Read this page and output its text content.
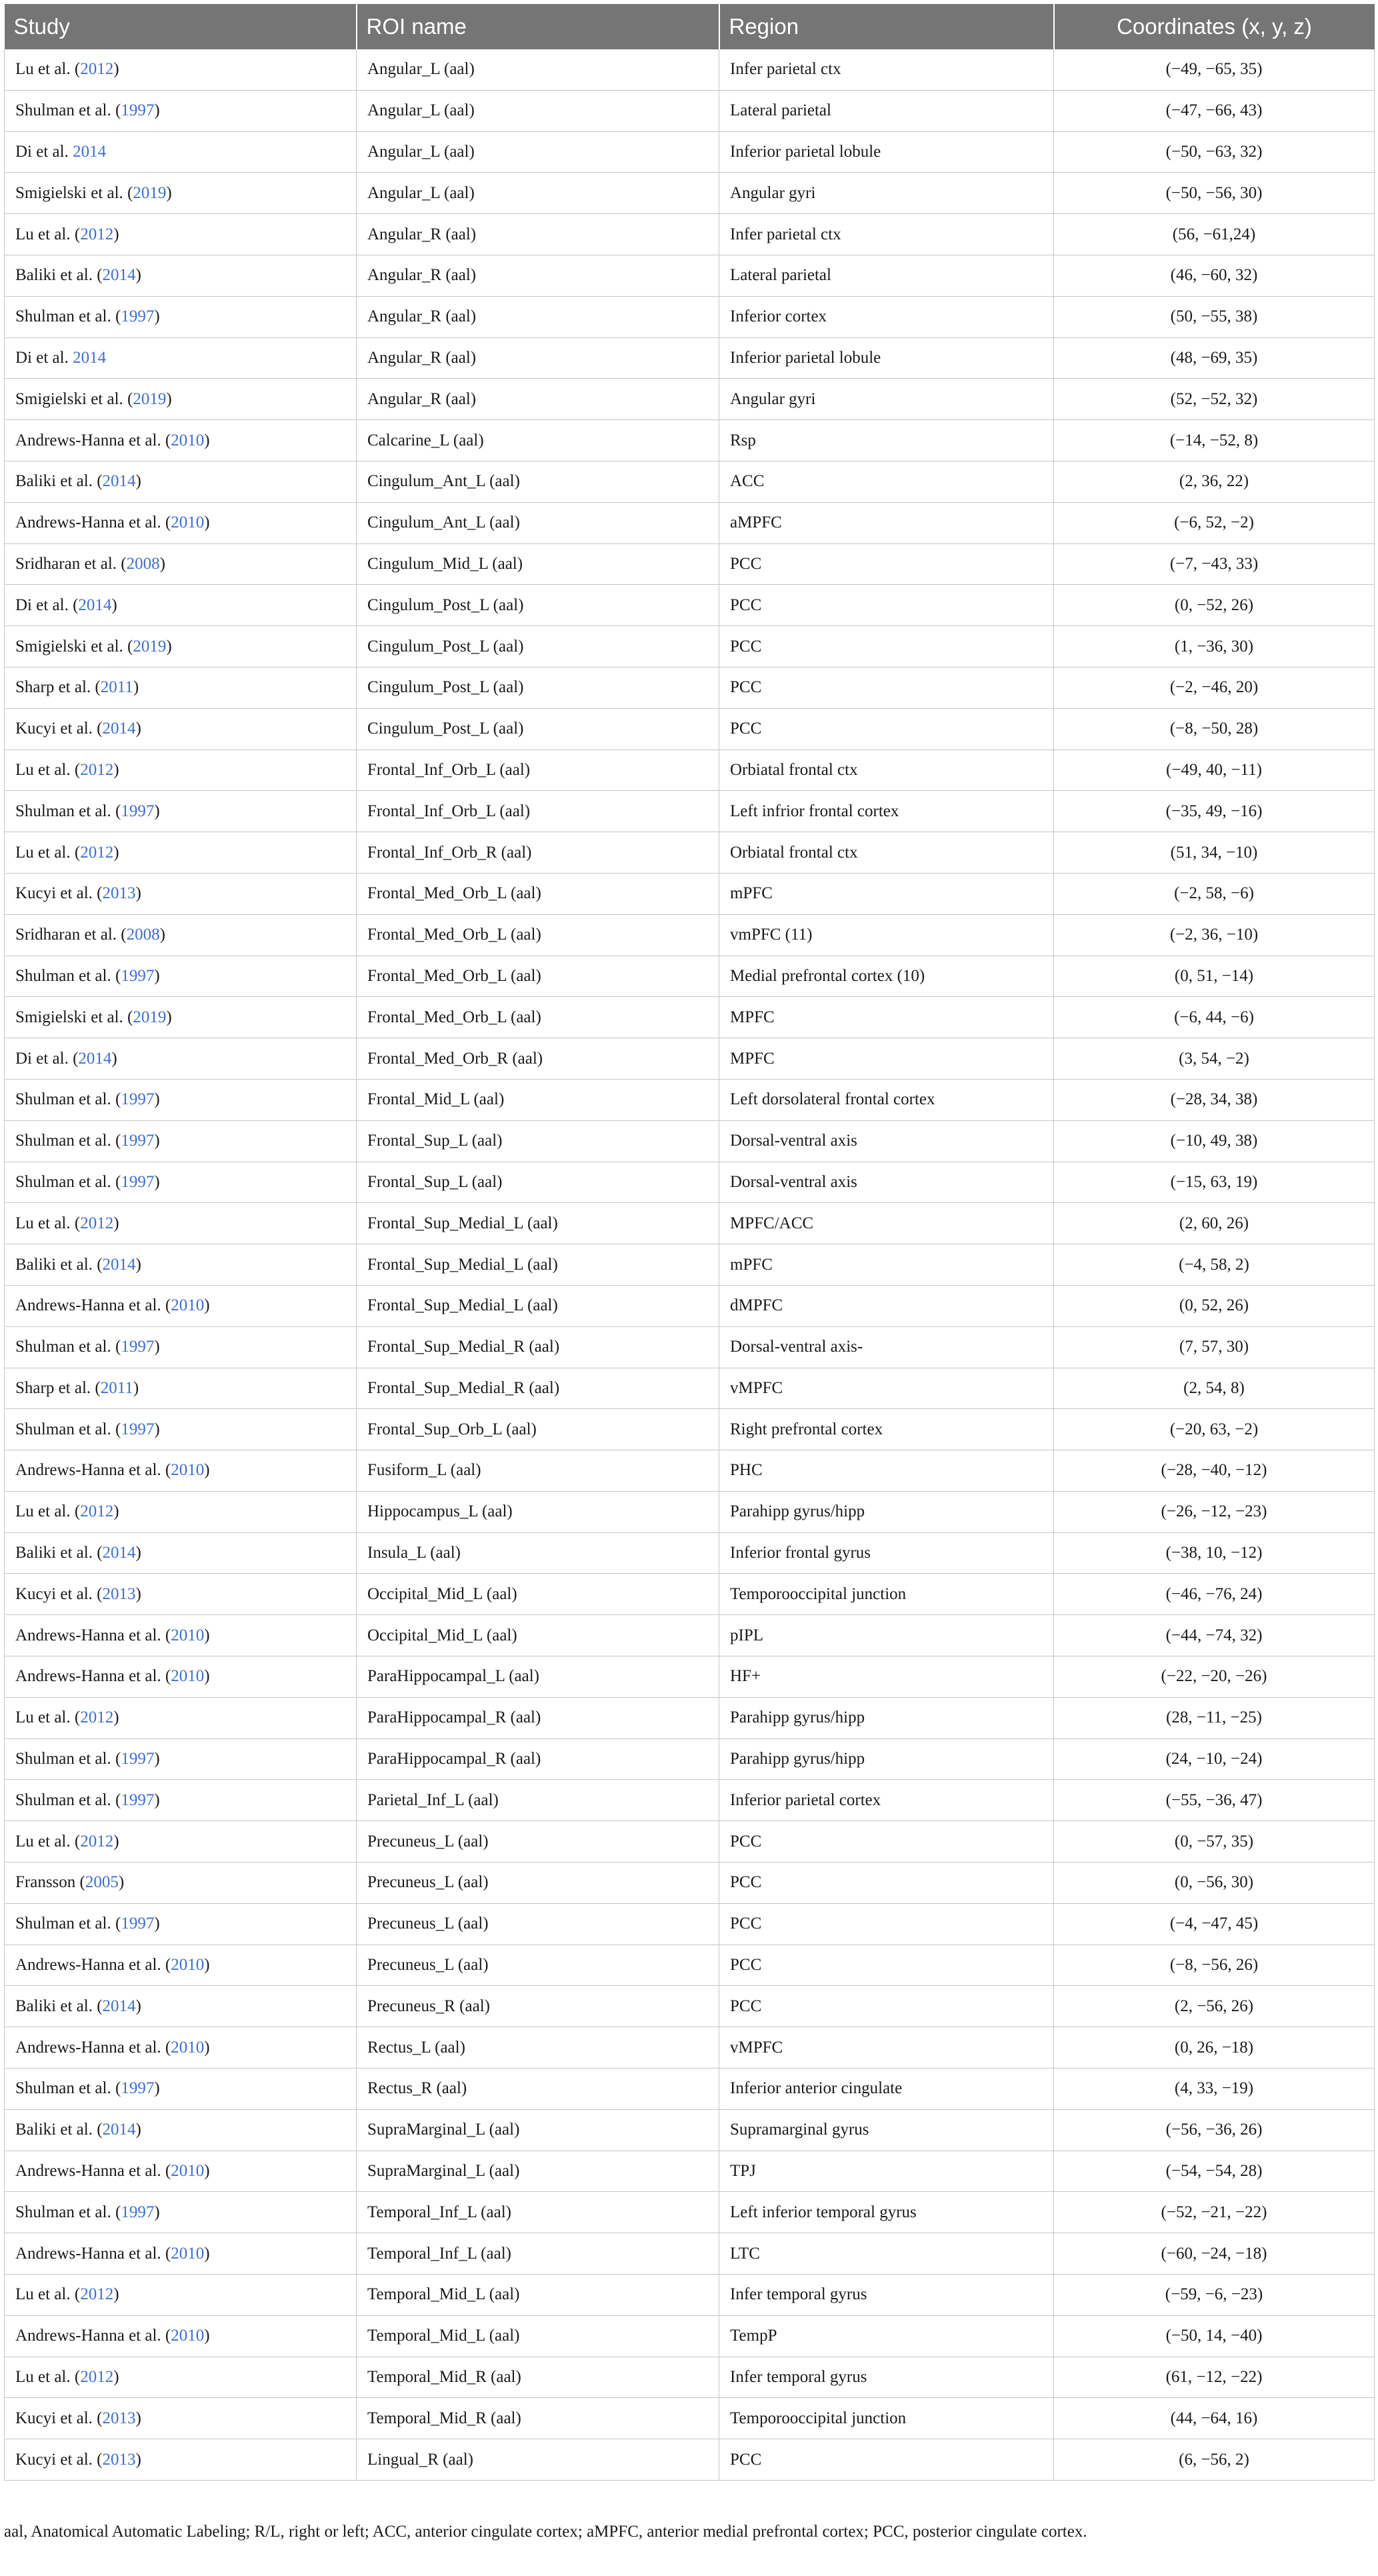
Study	ROI name	Region	Coordinates (x, y, z)
Lu et al. (2012)	Angular_L (aal)	Infer parietal ctx	(−49, −65, 35)
Shulman et al. (1997)	Angular_L (aal)	Lateral parietal	(−47, −66, 43)
Di et al. 2014	Angular_L (aal)	Inferior parietal lobule	(−50, −63, 32)
Smigielski et al. (2019)	Angular_L (aal)	Angular gyri	(−50, −56, 30)
Lu et al. (2012)	Angular_R (aal)	Infer parietal ctx	(56, −61,24)
Baliki et al. (2014)	Angular_R (aal)	Lateral parietal	(46, −60, 32)
Shulman et al. (1997)	Angular_R (aal)	Inferior cortex	(50, −55, 38)
Di et al. 2014	Angular_R (aal)	Inferior parietal lobule	(48, −69, 35)
Smigielski et al. (2019)	Angular_R (aal)	Angular gyri	(52, −52, 32)
Andrews-Hanna et al. (2010)	Calcarine_L (aal)	Rsp	(−14, −52, 8)
Baliki et al. (2014)	Cingulum_Ant_L (aal)	ACC	(2, 36, 22)
Andrews-Hanna et al. (2010)	Cingulum_Ant_L (aal)	aMPFC	(−6, 52, −2)
Sridharan et al. (2008)	Cingulum_Mid_L (aal)	PCC	(−7, −43, 33)
Di et al. (2014)	Cingulum_Post_L (aal)	PCC	(0, −52, 26)
Smigielski et al. (2019)	Cingulum_Post_L (aal)	PCC	(1, −36, 30)
Sharp et al. (2011)	Cingulum_Post_L (aal)	PCC	(−2, −46, 20)
Kucyi et al. (2014)	Cingulum_Post_L (aal)	PCC	(−8, −50, 28)
Lu et al. (2012)	Frontal_Inf_Orb_L (aal)	Orbiatal frontal ctx	(−49, 40, −11)
Shulman et al. (1997)	Frontal_Inf_Orb_L (aal)	Left infrior frontal cortex	(−35, 49, −16)
Lu et al. (2012)	Frontal_Inf_Orb_R (aal)	Orbiatal frontal ctx	(51, 34, −10)
Kucyi et al. (2013)	Frontal_Med_Orb_L (aal)	mPFC	(−2, 58, −6)
Sridharan et al. (2008)	Frontal_Med_Orb_L (aal)	vmPFC (11)	(−2, 36, −10)
Shulman et al. (1997)	Frontal_Med_Orb_L (aal)	Medial prefrontal cortex (10)	(0, 51, −14)
Smigielski et al. (2019)	Frontal_Med_Orb_L (aal)	MPFC	(−6, 44, −6)
Di et al. (2014)	Frontal_Med_Orb_R (aal)	MPFC	(3, 54, −2)
Shulman et al. (1997)	Frontal_Mid_L (aal)	Left dorsolateral frontal cortex	(−28, 34, 38)
Shulman et al. (1997)	Frontal_Sup_L (aal)	Dorsal-ventral axis	(−10, 49, 38)
Shulman et al. (1997)	Frontal_Sup_L (aal)	Dorsal-ventral axis	(−15, 63, 19)
Lu et al. (2012)	Frontal_Sup_Medial_L (aal)	MPFC/ACC	(2, 60, 26)
Baliki et al. (2014)	Frontal_Sup_Medial_L (aal)	mPFC	(−4, 58, 2)
Andrews-Hanna et al. (2010)	Frontal_Sup_Medial_L (aal)	dMPFC	(0, 52, 26)
Shulman et al. (1997)	Frontal_Sup_Medial_R (aal)	Dorsal-ventral axis-	(7, 57, 30)
Sharp et al. (2011)	Frontal_Sup_Medial_R (aal)	vMPFC	(2, 54, 8)
Shulman et al. (1997)	Frontal_Sup_Orb_L (aal)	Right prefrontal cortex	(−20, 63, −2)
Andrews-Hanna et al. (2010)	Fusiform_L (aal)	PHC	(−28, −40, −12)
Lu et al. (2012)	Hippocampus_L (aal)	Parahipp gyrus/hipp	(−26, −12, −23)
Baliki et al. (2014)	Insula_L (aal)	Inferior frontal gyrus	(−38, 10, −12)
Kucyi et al. (2013)	Occipital_Mid_L (aal)	Temporooccipital junction	(−46, −76, 24)
Andrews-Hanna et al. (2010)	Occipital_Mid_L (aal)	pIPL	(−44, −74, 32)
Andrews-Hanna et al. (2010)	ParaHippocampal_L (aal)	HF+	(−22, −20, −26)
Lu et al. (2012)	ParaHippocampal_R (aal)	Parahipp gyrus/hipp	(28, −11, −25)
Shulman et al. (1997)	ParaHippocampal_R (aal)	Parahipp gyrus/hipp	(24, −10, −24)
Shulman et al. (1997)	Parietal_Inf_L (aal)	Inferior parietal cortex	(−55, −36, 47)
Lu et al. (2012)	Precuneus_L (aal)	PCC	(0, −57, 35)
Fransson (2005)	Precuneus_L (aal)	PCC	(0, −56, 30)
Shulman et al. (1997)	Precuneus_L (aal)	PCC	(−4, −47, 45)
Andrews-Hanna et al. (2010)	Precuneus_L (aal)	PCC	(−8, −56, 26)
Baliki et al. (2014)	Precuneus_R (aal)	PCC	(2, −56, 26)
Andrews-Hanna et al. (2010)	Rectus_L (aal)	vMPFC	(0, 26, −18)
Shulman et al. (1997)	Rectus_R (aal)	Inferior anterior cingulate	(4, 33, −19)
Baliki et al. (2014)	SupraMarginal_L (aal)	Supramarginal gyrus	(−56, −36, 26)
Andrews-Hanna et al. (2010)	SupraMarginal_L (aal)	TPJ	(−54, −54, 28)
Shulman et al. (1997)	Temporal_Inf_L (aal)	Left inferior temporal gyrus	(−52, −21, −22)
Andrews-Hanna et al. (2010)	Temporal_Inf_L (aal)	LTC	(−60, −24, −18)
Lu et al. (2012)	Temporal_Mid_L (aal)	Infer temporal gyrus	(−59, −6, −23)
Andrews-Hanna et al. (2010)	Temporal_Mid_L (aal)	TempP	(−50, 14, −40)
Lu et al. (2012)	Temporal_Mid_R (aal)	Infer temporal gyrus	(61, −12, −22)
Kucyi et al. (2013)	Temporal_Mid_R (aal)	Temporooccipital junction	(44, −64, 16)
Kucyi et al. (2013)	Lingual_R (aal)	PCC	(6, −56, 2)
aal, Anatomical Automatic Labeling; R/L, right or left; ACC, anterior cingulate cortex; aMPFC, anterior medial prefrontal cortex; PCC, posterior cingulate cortex.
